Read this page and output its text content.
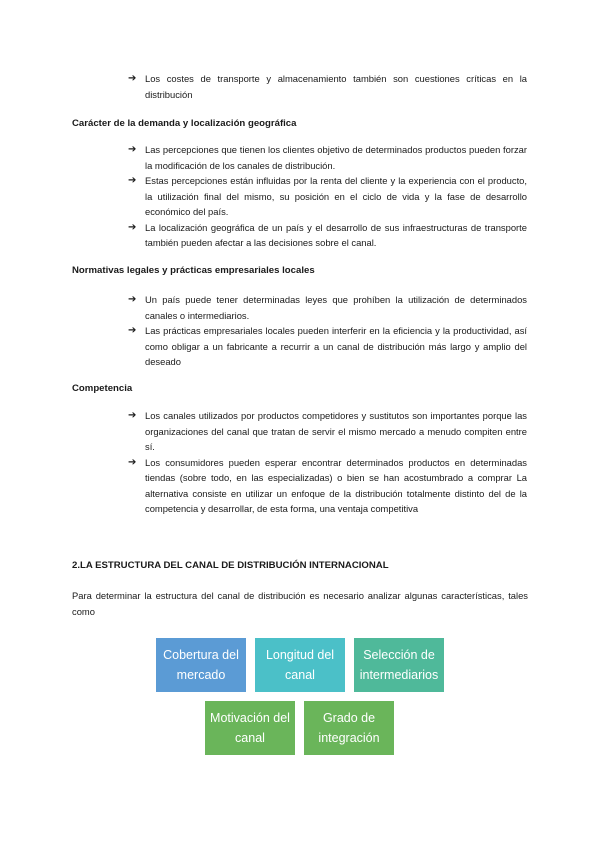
➔ Los costes de transporte y almacenamiento también son cuestiones críticas en la distribución
Carácter de la demanda y localización geográfica
➔ Las percepciones que tienen los clientes objetivo de determinados productos pueden forzar la modificación de los canales de distribución.
➔ Estas percepciones están influidas por la renta del cliente y la experiencia con el producto, la utilización final del mismo, su posición en el ciclo de vida y la fase de desarrollo económico del país.
➔ La localización geográfica de un país y el desarrollo de sus infraestructuras de transporte también pueden afectar a las decisiones sobre el canal.
Normativas legales y prácticas empresariales locales
➔ Un país puede tener determinadas leyes que prohíben la utilización de determinados canales o intermediarios.
➔ Las prácticas empresariales locales pueden interferir en la eficiencia y la productividad, así como obligar a un fabricante a recurrir a un canal de distribución más largo y amplio del deseado
Competencia
➔ Los canales utilizados por productos competidores y sustitutos son importantes porque las organizaciones del canal que tratan de servir el mismo mercado a menudo compiten entre sí.
➔ Los consumidores pueden esperar encontrar determinados productos en determinadas tiendas (sobre todo, en las especializadas) o bien se han acostumbrado a comprar La alternativa consiste en utilizar un enfoque de la distribución totalmente distinto del de la competencia y desarrollar, de esta forma, una ventaja competitiva
2.LA ESTRUCTURA DEL CANAL DE DISTRIBUCIÓN INTERNACIONAL

Para determinar la estructura del canal de distribución es necesario analizar algunas características, tales como

Cobertura del mercado
Longitud del canal
Selección de intermediarios
Motivación del canal
Grado de integración
